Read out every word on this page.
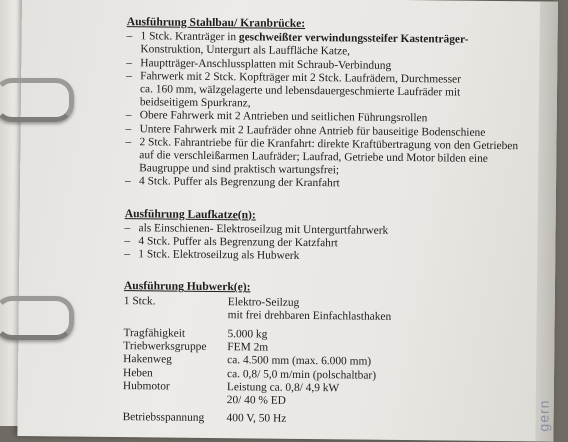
gern
Ausführung Stahlbau/ Kranbrücke:
– 1 Stck. Kranträger in geschweißter verwindungssteifer Kastenträger-
Konstruktion, Untergurt als Lauffläche Katze,
– Hauptträger-Anschlussplatten mit Schraub-Verbindung
– Fahrwerk mit 2 Stck. Kopfträger mit 2 Stck. Laufrädern, Durchmesser
ca. 160 mm, wälzgelagerte und lebensdauergeschmierte Laufräder mit
beidseitigem Spurkranz,
– Obere Fahrwerk mit 2 Antrieben und seitlichen Führungsrollen
– Untere Fahrwerk mit 2 Laufräder ohne Antrieb für bauseitige Bodenschiene
– 2 Stck. Fahrantriebe für die Kranfahrt: direkte Kraftübertragung von den Getrieben
auf die verschleißarmen Laufräder; Laufrad, Getriebe und Motor bilden eine
Baugruppe und sind praktisch wartungsfrei;
– 4 Stck. Puffer als Begrenzung der Kranfahrt
Ausführung Laufkatze(n):
– als Einschienen- Elektroseilzug mit Untergurtfahrwerk
– 4 Stck. Puffer als Begrenzung der Katzfahrt
– 1 Stck. Elektroseilzug als Hubwerk
Ausführung Hubwerk(e):
1 Stck.	Elektro-Seilzug
mit frei drehbaren Einfachlasthaken
Tragfähigkeit	5.000 kg
Triebwerksgruppe	FEM 2m
Hakenweg	ca. 4.500 mm (max. 6.000 mm)
Heben	ca. 0,8/ 5,0 m/min (polschaltbar)
Hubmotor	Leistung ca. 0,8/ 4,9 kW
20/ 40 % ED
Betriebsspannung	400 V, 50 Hz
